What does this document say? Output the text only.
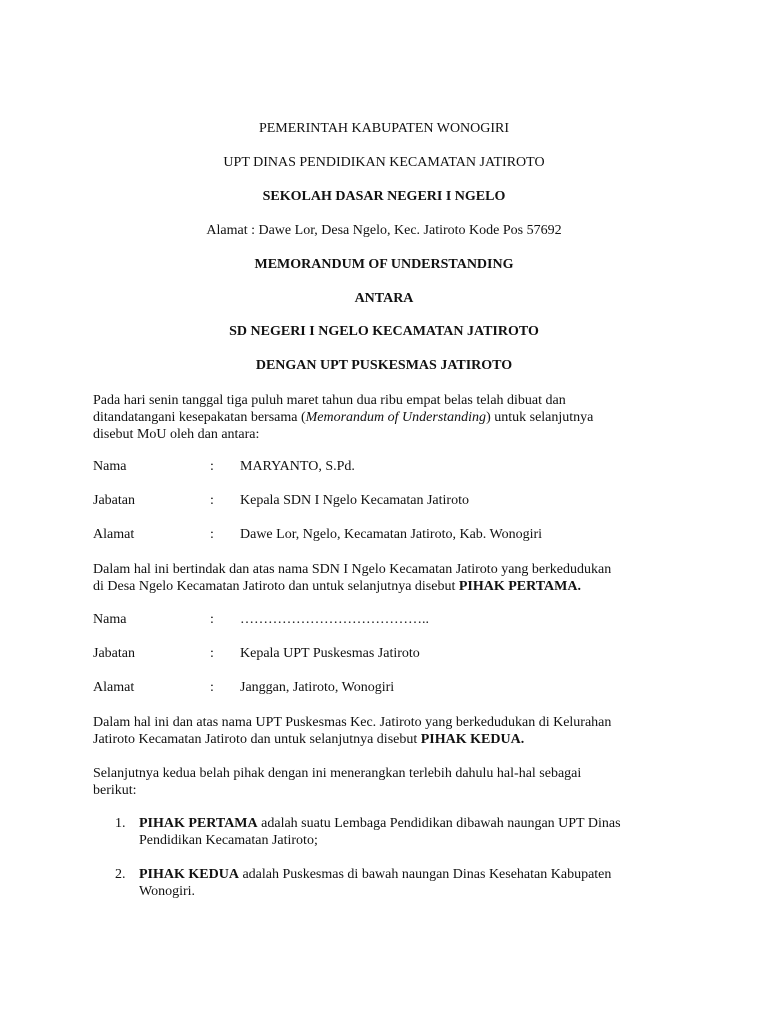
PEMERINTAH KABUPATEN WONOGIRI
UPT DINAS PENDIDIKAN KECAMATAN JATIROTO
SEKOLAH DASAR NEGERI I NGELO
Alamat : Dawe Lor, Desa Ngelo, Kec. Jatiroto Kode Pos 57692
MEMORANDUM OF UNDERSTANDING
ANTARA
SD NEGERI I NGELO KECAMATAN JATIROTO
DENGAN UPT PUSKESMAS JATIROTO
Pada hari senin tanggal tiga puluh maret tahun dua ribu empat belas telah dibuat dan
ditandatangani kesepakatan bersama (Memorandum of Understanding) untuk selanjutnya
disebut MoU oleh dan antara:
Nama	: MARYANTO, S.Pd.
Jabatan	: Kepala SDN I Ngelo Kecamatan Jatiroto
Alamat	: Dawe Lor, Ngelo, Kecamatan Jatiroto, Kab. Wonogiri
Dalam hal ini bertindak dan atas nama SDN I Ngelo Kecamatan Jatiroto yang berkedudukan
di Desa Ngelo Kecamatan Jatiroto dan untuk selanjutnya disebut PIHAK PERTAMA.
Nama	: …………………………………..
Jabatan	: Kepala UPT Puskesmas Jatiroto
Alamat	: Janggan, Jatiroto, Wonogiri
Dalam hal ini dan atas nama UPT Puskesmas Kec. Jatiroto yang berkedudukan di Kelurahan
Jatiroto Kecamatan Jatiroto dan untuk selanjutnya disebut PIHAK KEDUA.
Selanjutnya kedua belah pihak dengan ini menerangkan terlebih dahulu hal-hal sebagai
berikut:
1. PIHAK PERTAMA adalah suatu Lembaga Pendidikan dibawah naungan UPT Dinas
Pendidikan Kecamatan Jatiroto;
2. PIHAK KEDUA adalah Puskesmas di bawah naungan Dinas Kesehatan Kabupaten
Wonogiri.
